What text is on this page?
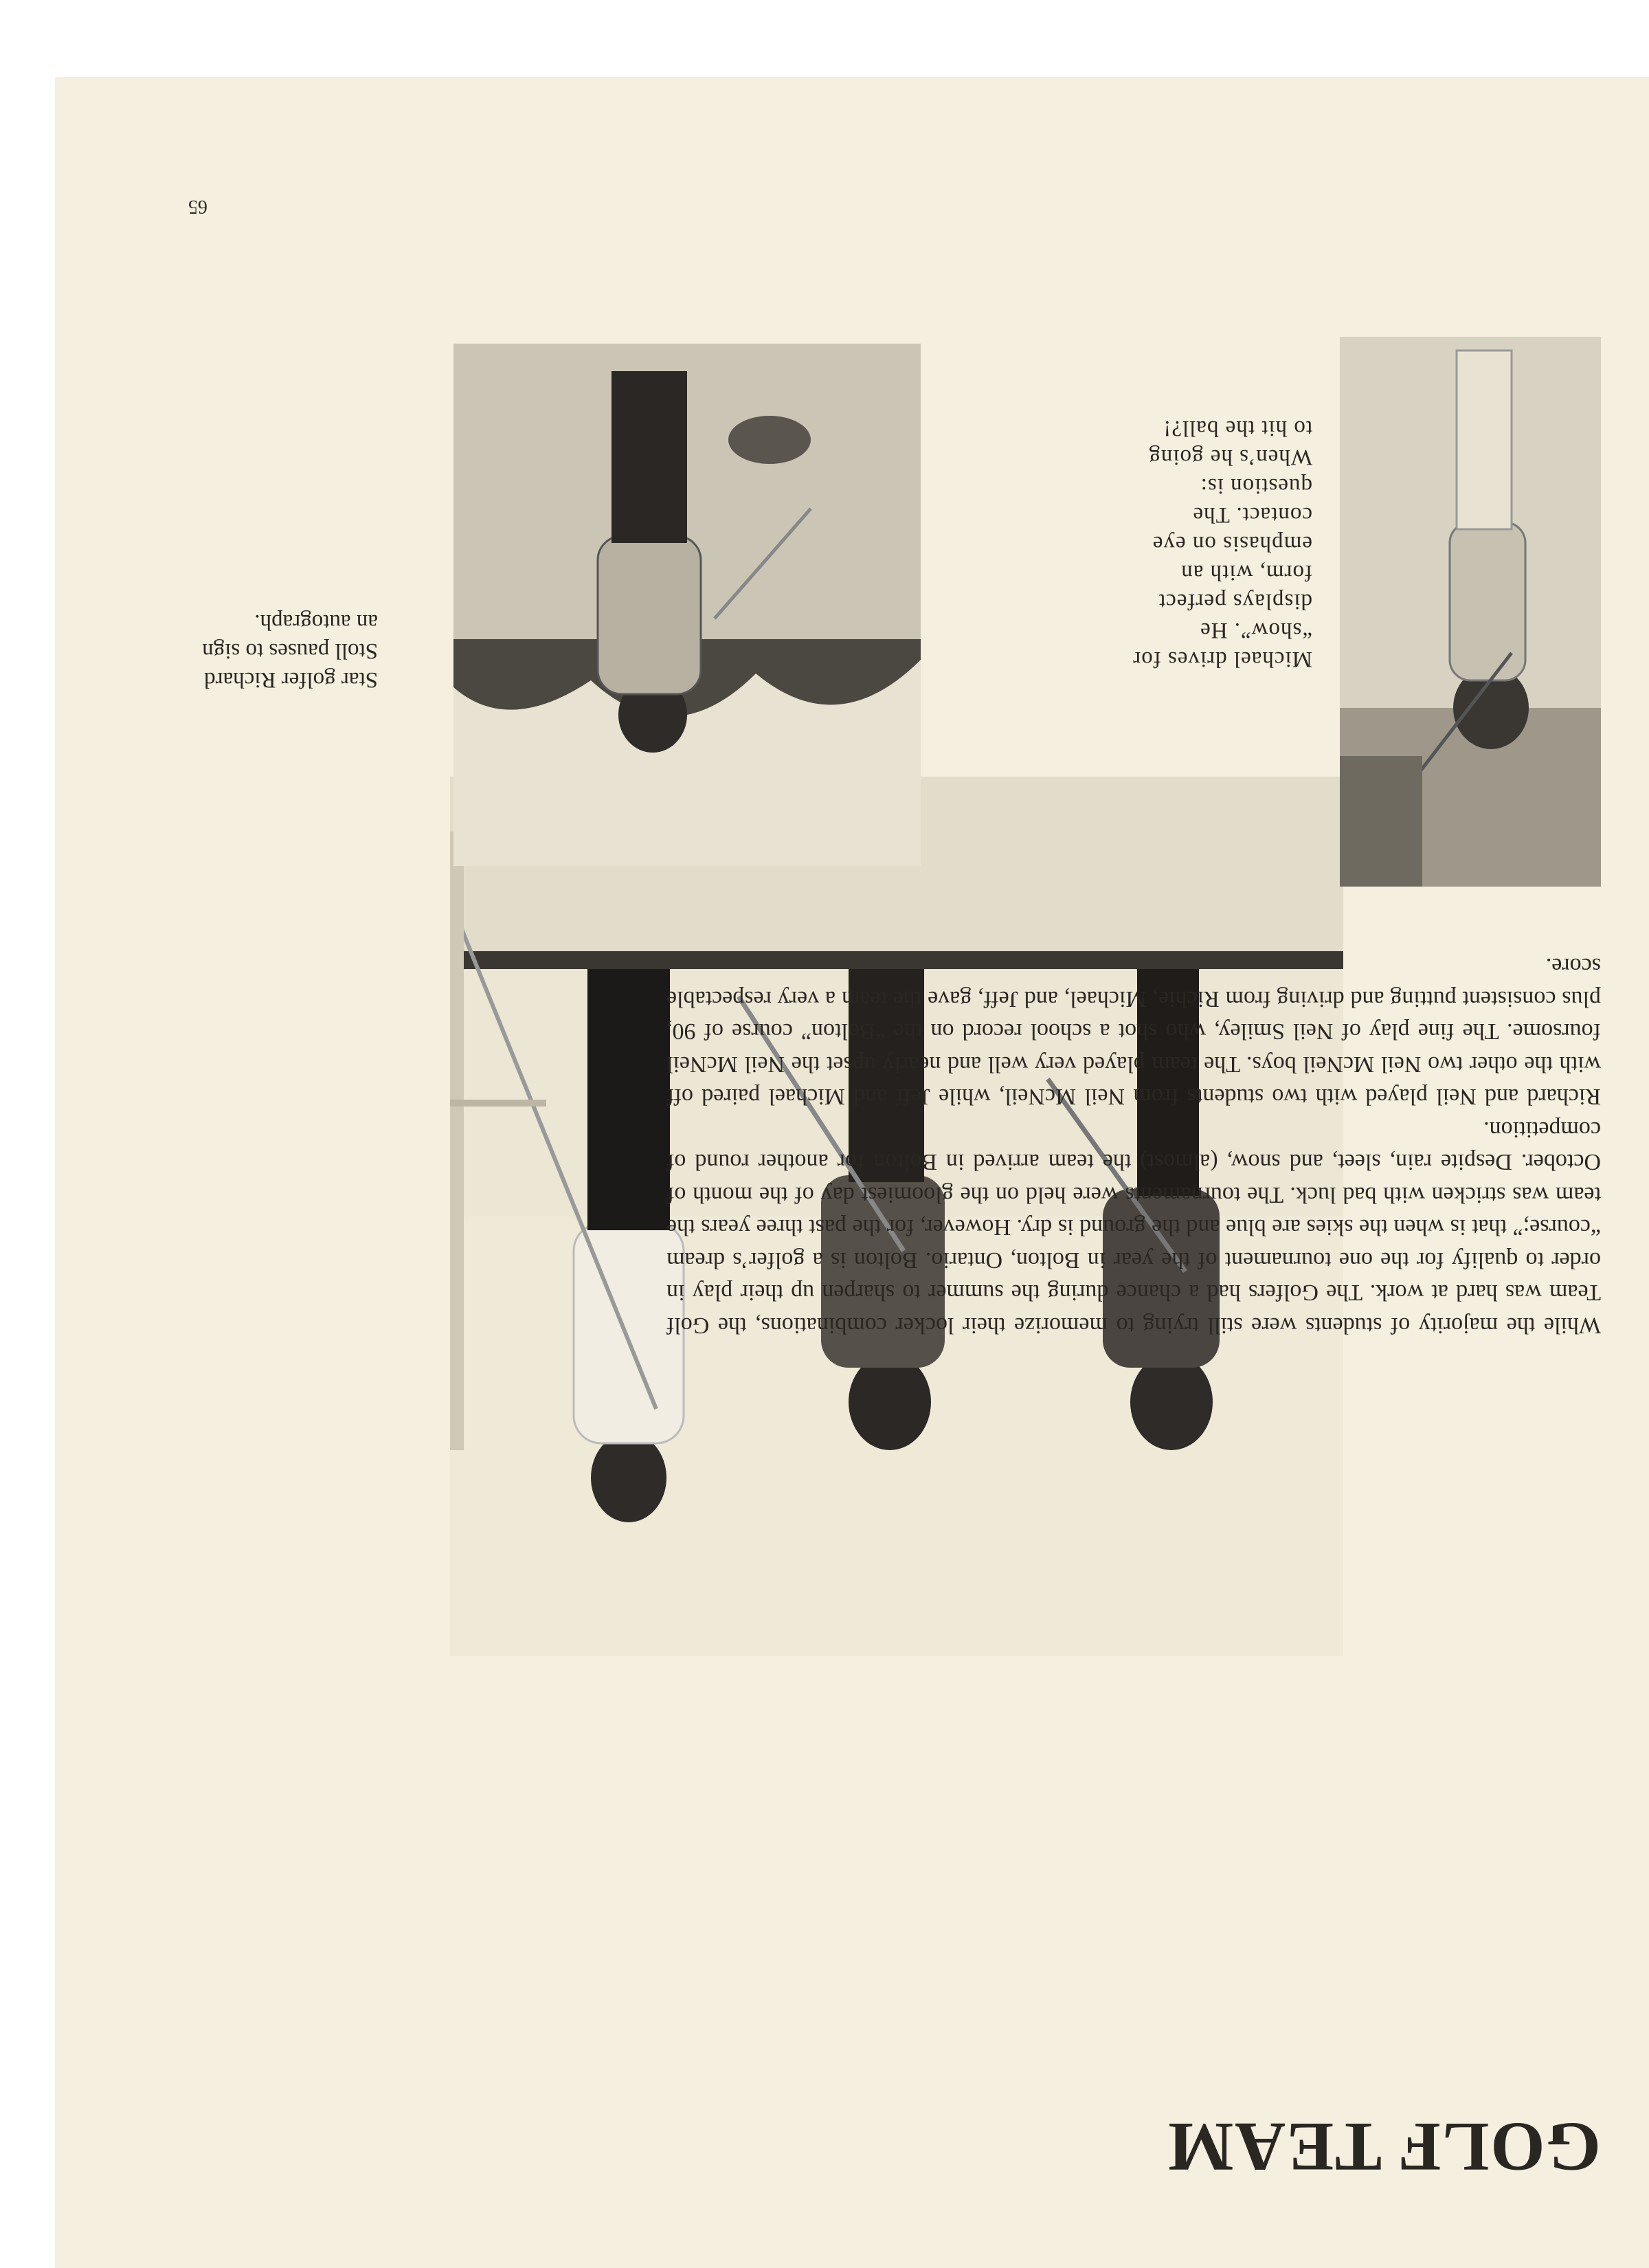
GOLF TEAM

While the majority of students were still trying to memorize their locker combinations, the Golf Team was hard at work. The Golfers had a chance during the summer to sharpen up their play in order to qualify for the one tournament of the year in Bolton, Ontario. Bolton is a golfer’s dream “course;” that is when the skies are blue and the ground is dry. However, for the past three years the team was stricken with bad luck. The tournaments were held on the gloomiest day of the month of October. Despite rain, sleet, and snow, (almost) the team arrived in Bolton for another round of competition.

Richard and Neil played with two students from Neil McNeil, while Jeff and Michael paired off with the other two Neil McNeil boys. The team played very well and nearly upset the Neil McNeil foursome. The fine play of Neil Smiley, who shot a school record on the “Bolton” course of 90, plus consistent putting and driving from Richie, Michael, and Jeff, gave the team a very respectable score.

Michael drives for “show”. He displays perfect form, with an emphasis on eye contact. The question is: When’s he going to hit the ball?!
Star golfer Richard Stoll pauses to sign an autograph.
65
